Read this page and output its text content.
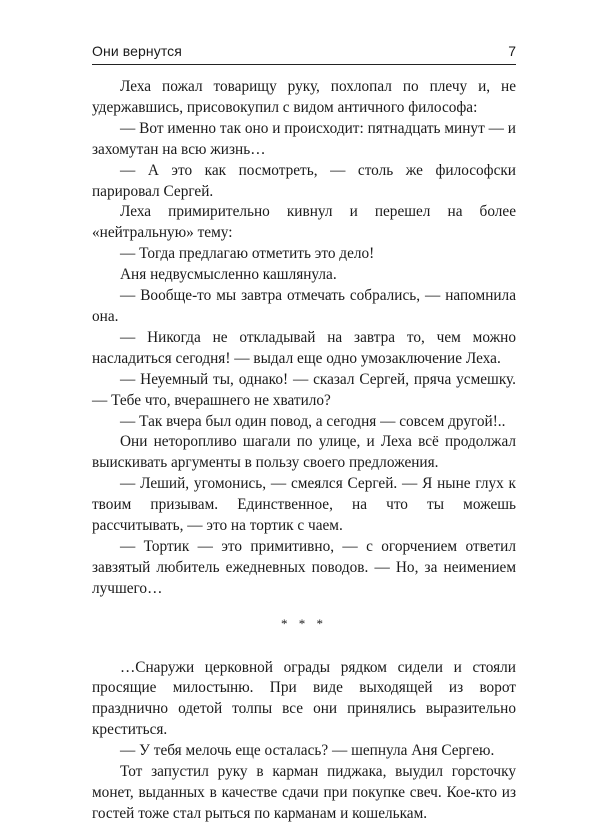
Они вернутся	7

Леха пожал товарищу руку, похлопал по плечу и, не удержавшись, присовокупил с видом античного философа:

— Вот именно так оно и происходит: пятнадцать минут — и захомутан на всю жизнь…

— А это как посмотреть, — столь же философски парировал Сергей.

Леха примирительно кивнул и перешел на более «нейтральную» тему:

— Тогда предлагаю отметить это дело!

Аня недвусмысленно кашлянула.

— Вообще-то мы завтра отмечать собрались, — напомнила она.

— Никогда не откладывай на завтра то, чем можно насладиться сегодня! — выдал еще одно умозаключение Леха.

— Неуемный ты, однако! — сказал Сергей, пряча усмешку. — Тебе что, вчерашнего не хватило?

— Так вчера был один повод, а сегодня — совсем другой!..

Они неторопливо шагали по улице, и Леха всё продолжал выискивать аргументы в пользу своего предложения.

— Леший, угомонись, — смеялся Сергей. — Я ныне глух к твоим призывам. Единственное, на что ты можешь рассчитывать, — это на тортик с чаем.

— Тортик — это примитивно, — с огорчением ответил завзятый любитель ежедневных поводов. — Но, за неимением лучшего…

* * *

…Снаружи церковной ограды рядком сидели и стояли просящие милостыню. При виде выходящей из ворот празднично одетой толпы все они принялись выразительно креститься.

— У тебя мелочь еще осталась? — шепнула Аня Сергею.

Тот запустил руку в карман пиджака, выудил горсточку монет, выданных в качестве сдачи при покупке свеч. Кое-кто из гостей тоже стал рыться по карманам и кошелькам.
